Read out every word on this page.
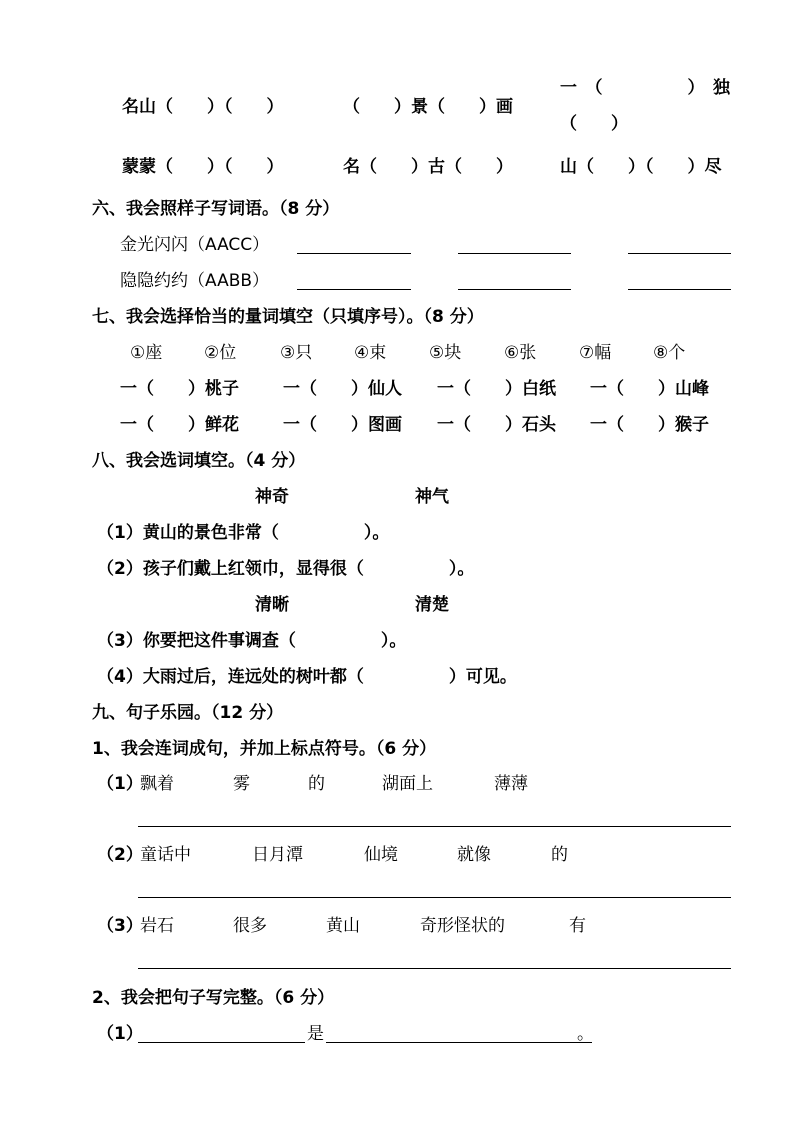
名山（　　）（　　）	（　　）景（　　）画
一　（　　　　　）　独
（　　）
蒙蒙（　　）（　　）	名（　　）古（　　）	山（　　）（　　）尽
六、我会照样子写词语。（8 分）
金光闪闪（AACC）
隐隐约约（AABB）
七、我会选择恰当的量词填空（只填序号）。（8 分）
①座 ②位	③只 ④束	⑤块	⑥张	⑦幅 ⑧个
一（　　）桃子	一（　　）仙人 一（　　）白纸 一（　　）山峰
一（　　）鲜花	一（　　）图画 一（　　）石头 一（　　）猴子
八、我会选词填空。（4 分）
神奇	神气
（1）黄山的景色非常（　　　　　）。
（2）孩子们戴上红领巾，显得很（　　　　　）。
清晰	清楚
（3）你要把这件事调查（　　　　　）。
（4）大雨过后，连远处的树叶都（　　　　　）可见。
九、句子乐园。（12 分）
1、我会连词成句，并加上标点符号。（6 分）
（1）
飘着	雾	的	湖面上	薄薄
（2）
童话中	日月潭	仙境	就像	的
（3）
岩石	很多	黄山	奇形怪状的	有
2、我会把句子写完整。（6 分）
（1）	是	。
